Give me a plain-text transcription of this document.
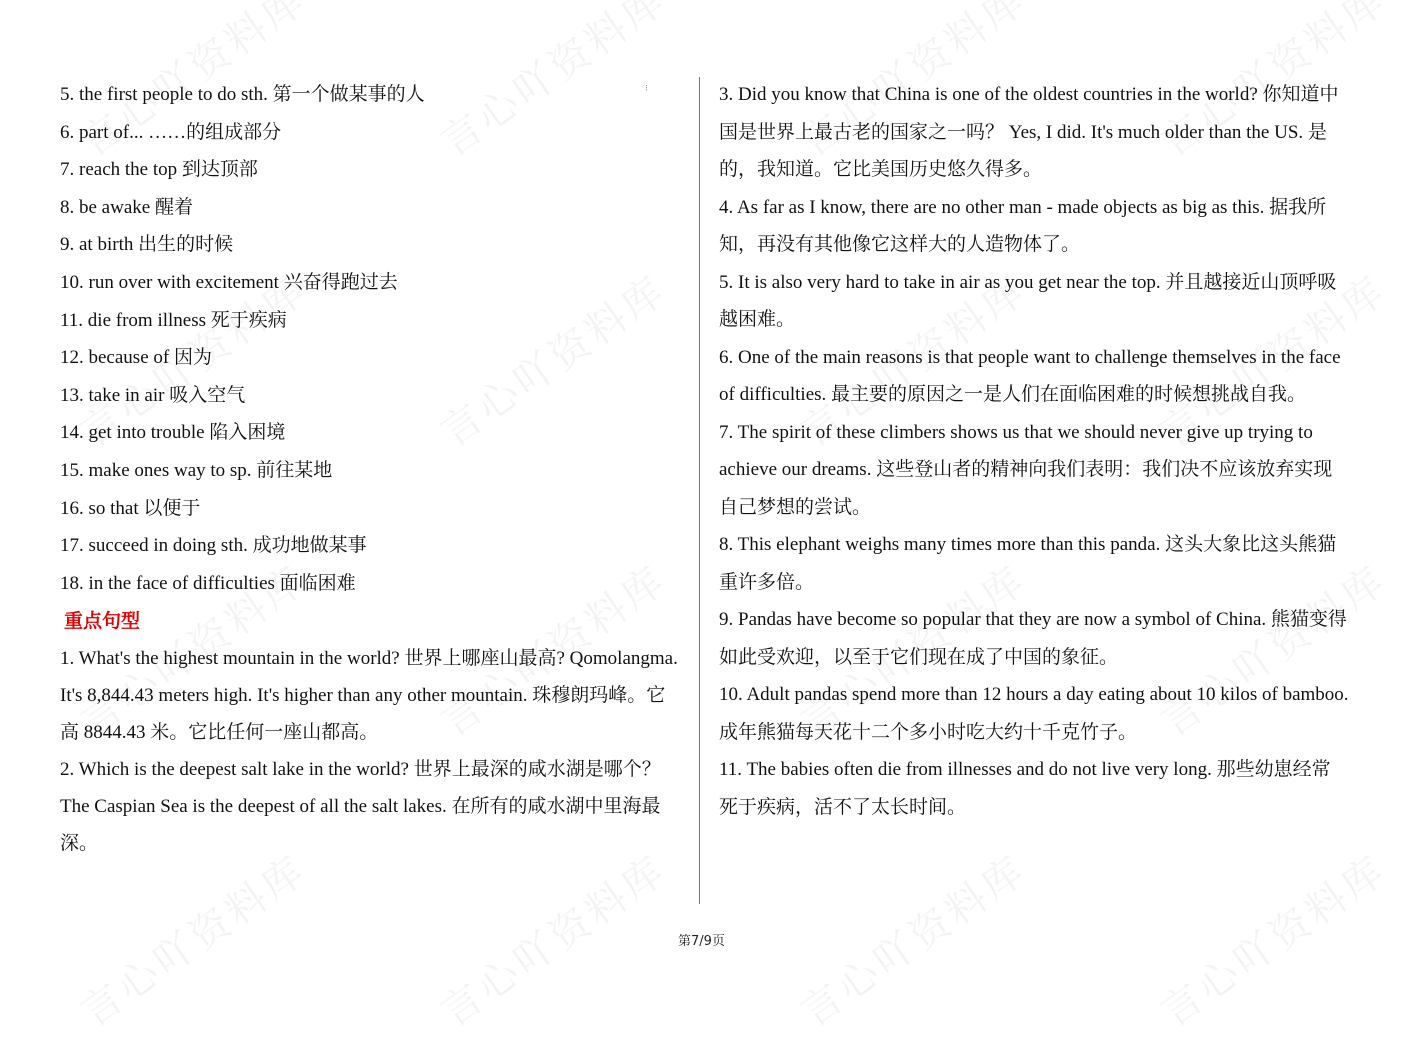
⁝
5. the first people to do sth. 第一个做某事的人
6. part of... ……的组成部分
7. reach the top 到达顶部
8. be awake 醒着
9. at birth 出生的时候
10. run over with excitement 兴奋得跑过去
11. die from illness 死于疾病
12. because of 因为
13. take in air 吸入空气
14. get into trouble 陷入困境
15. make ones way to sp. 前往某地
16. so that 以便于
17. succeed in doing sth. 成功地做某事
18. in the face of difficulties 面临困难
重点句型
1. What's the highest mountain in the world? 世界上哪座山最高? Qomolangma. It's 8,844.43 meters high. It's higher than any other mountain. 珠穆朗玛峰。它高 8844.43 米。它比任何一座山都高。
2. Which is the deepest salt lake in the world? 世界上最深的咸水湖是哪个？ The Caspian Sea is the deepest of all the salt lakes. 在所有的咸水湖中里海最深。
3. Did you know that China is one of the oldest countries in the world? 你知道中国是世界上最古老的国家之一吗？ Yes, I did. It's much older than the US. 是的，我知道。它比美国历史悠久得多。
4. As far as I know, there are no other man - made objects as big as this. 据我所知，再没有其他像它这样大的人造物体了。
5. It is also very hard to take in air as you get near the top. 并且越接近山顶呼吸越困难。
6. One of the main reasons is that people want to challenge themselves in the face of difficulties. 最主要的原因之一是人们在面临困难的时候想挑战自我。
7. The spirit of these climbers shows us that we should never give up trying to achieve our dreams. 这些登山者的精神向我们表明：我们决不应该放弃实现自己梦想的尝试。
8. This elephant weighs many times more than this panda. 这头大象比这头熊猫重许多倍。
9. Pandas have become so popular that they are now a symbol of China. 熊猫变得如此受欢迎，以至于它们现在成了中国的象征。
10. Adult pandas spend more than 12 hours a day eating about 10 kilos of bamboo. 成年熊猫每天花十二个多小时吃大约十千克竹子。
11. The babies often die from illnesses and do not live very long. 那些幼崽经常死于疾病，活不了太长时间。
第7/9页
